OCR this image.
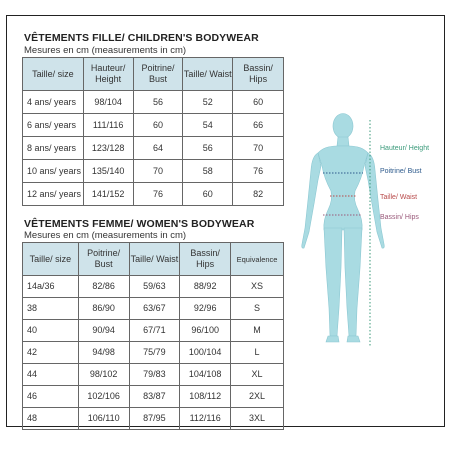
VÊTEMENTS FILLE/ CHILDREN'S BODYWEAR
Mesures en cm (measurements in cm)
Taille/ size	Hauteur/ Height	Poitrine/ Bust	Taille/ Waist	Bassin/ Hips
4 ans/ years	98/104	56	52	60
6 ans/ years	111/116	60	54	66
8 ans/ years	123/128	64	56	70
10 ans/ years	135/140	70	58	76
12 ans/ years	141/152	76	60	82
VÊTEMENTS FEMME/ WOMEN'S BODYWEAR
Mesures en cm (measurements in cm)
Taille/ size	Poitrine/ Bust	Taille/ Waist	Bassin/ Hips	Equivalence
14a/36	82/86	59/63	88/92	XS
38	86/90	63/67	92/96	S
40	90/94	67/71	96/100	M
42	94/98	75/79	100/104	L
44	98/102	79/83	104/108	XL
46	102/106	83/87	108/112	2XL
48	106/110	87/95	112/116	3XL
Hauteur/ Height
Poitrine/ Bust
Taille/ Waist
Bassin/ Hips
